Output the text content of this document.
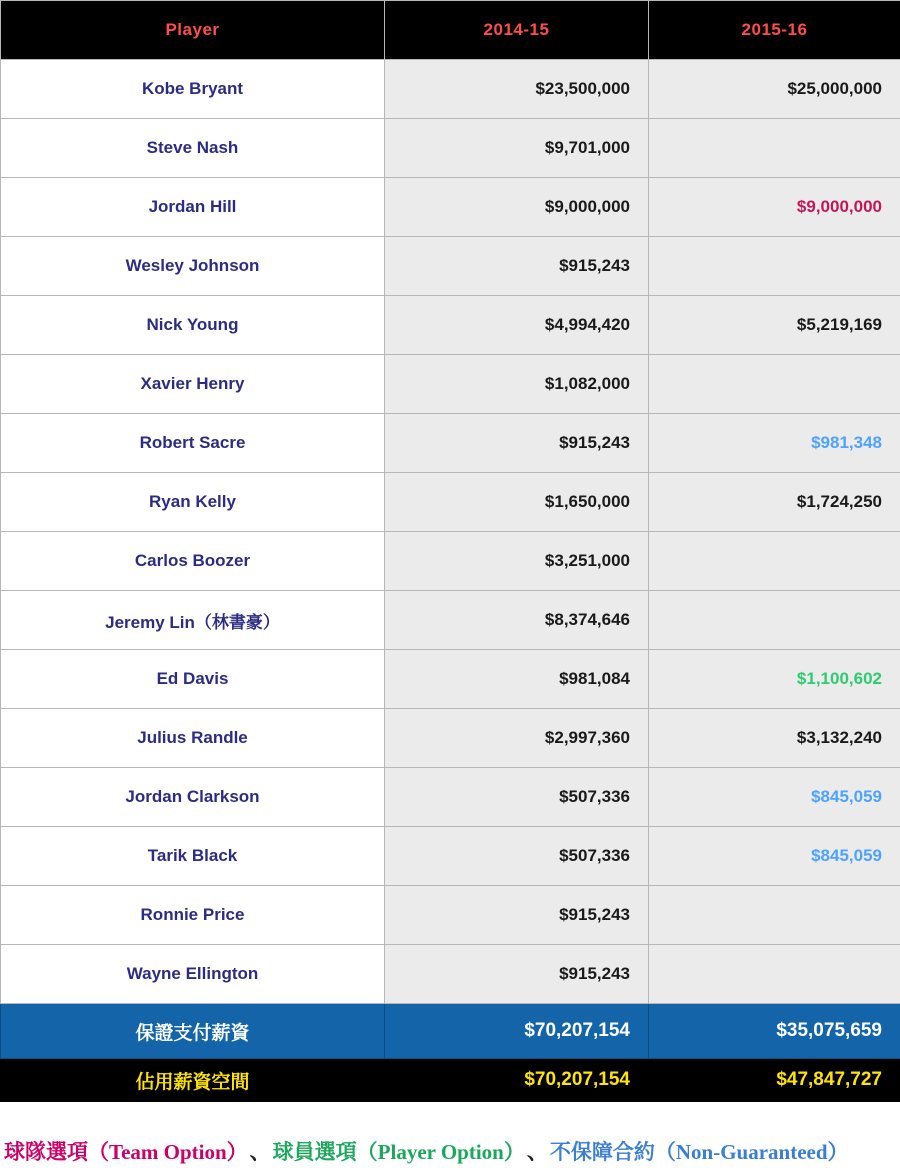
Player	2014-15	2015-16
Kobe Bryant	$23,500,000	$25,000,000
Steve Nash	$9,701,000	
Jordan Hill	$9,000,000	$9,000,000
Wesley Johnson	$915,243	
Nick Young	$4,994,420	$5,219,169
Xavier Henry	$1,082,000	
Robert Sacre	$915,243	$981,348
Ryan Kelly	$1,650,000	$1,724,250
Carlos Boozer	$3,251,000	
Jeremy Lin（林書豪）	$8,374,646	
Ed Davis	$981,084	$1,100,602
Julius Randle	$2,997,360	$3,132,240
Jordan Clarkson	$507,336	$845,059
Tarik Black	$507,336	$845,059
Ronnie Price	$915,243	
Wayne Ellington	$915,243	
保證支付薪資	$70,207,154	$35,075,659
佔用薪資空間	$70,207,154	$47,847,727
球隊選項（Team Option） 、 球員選項（Player Option） 、 不保障合約（Non-Guaranteed）
